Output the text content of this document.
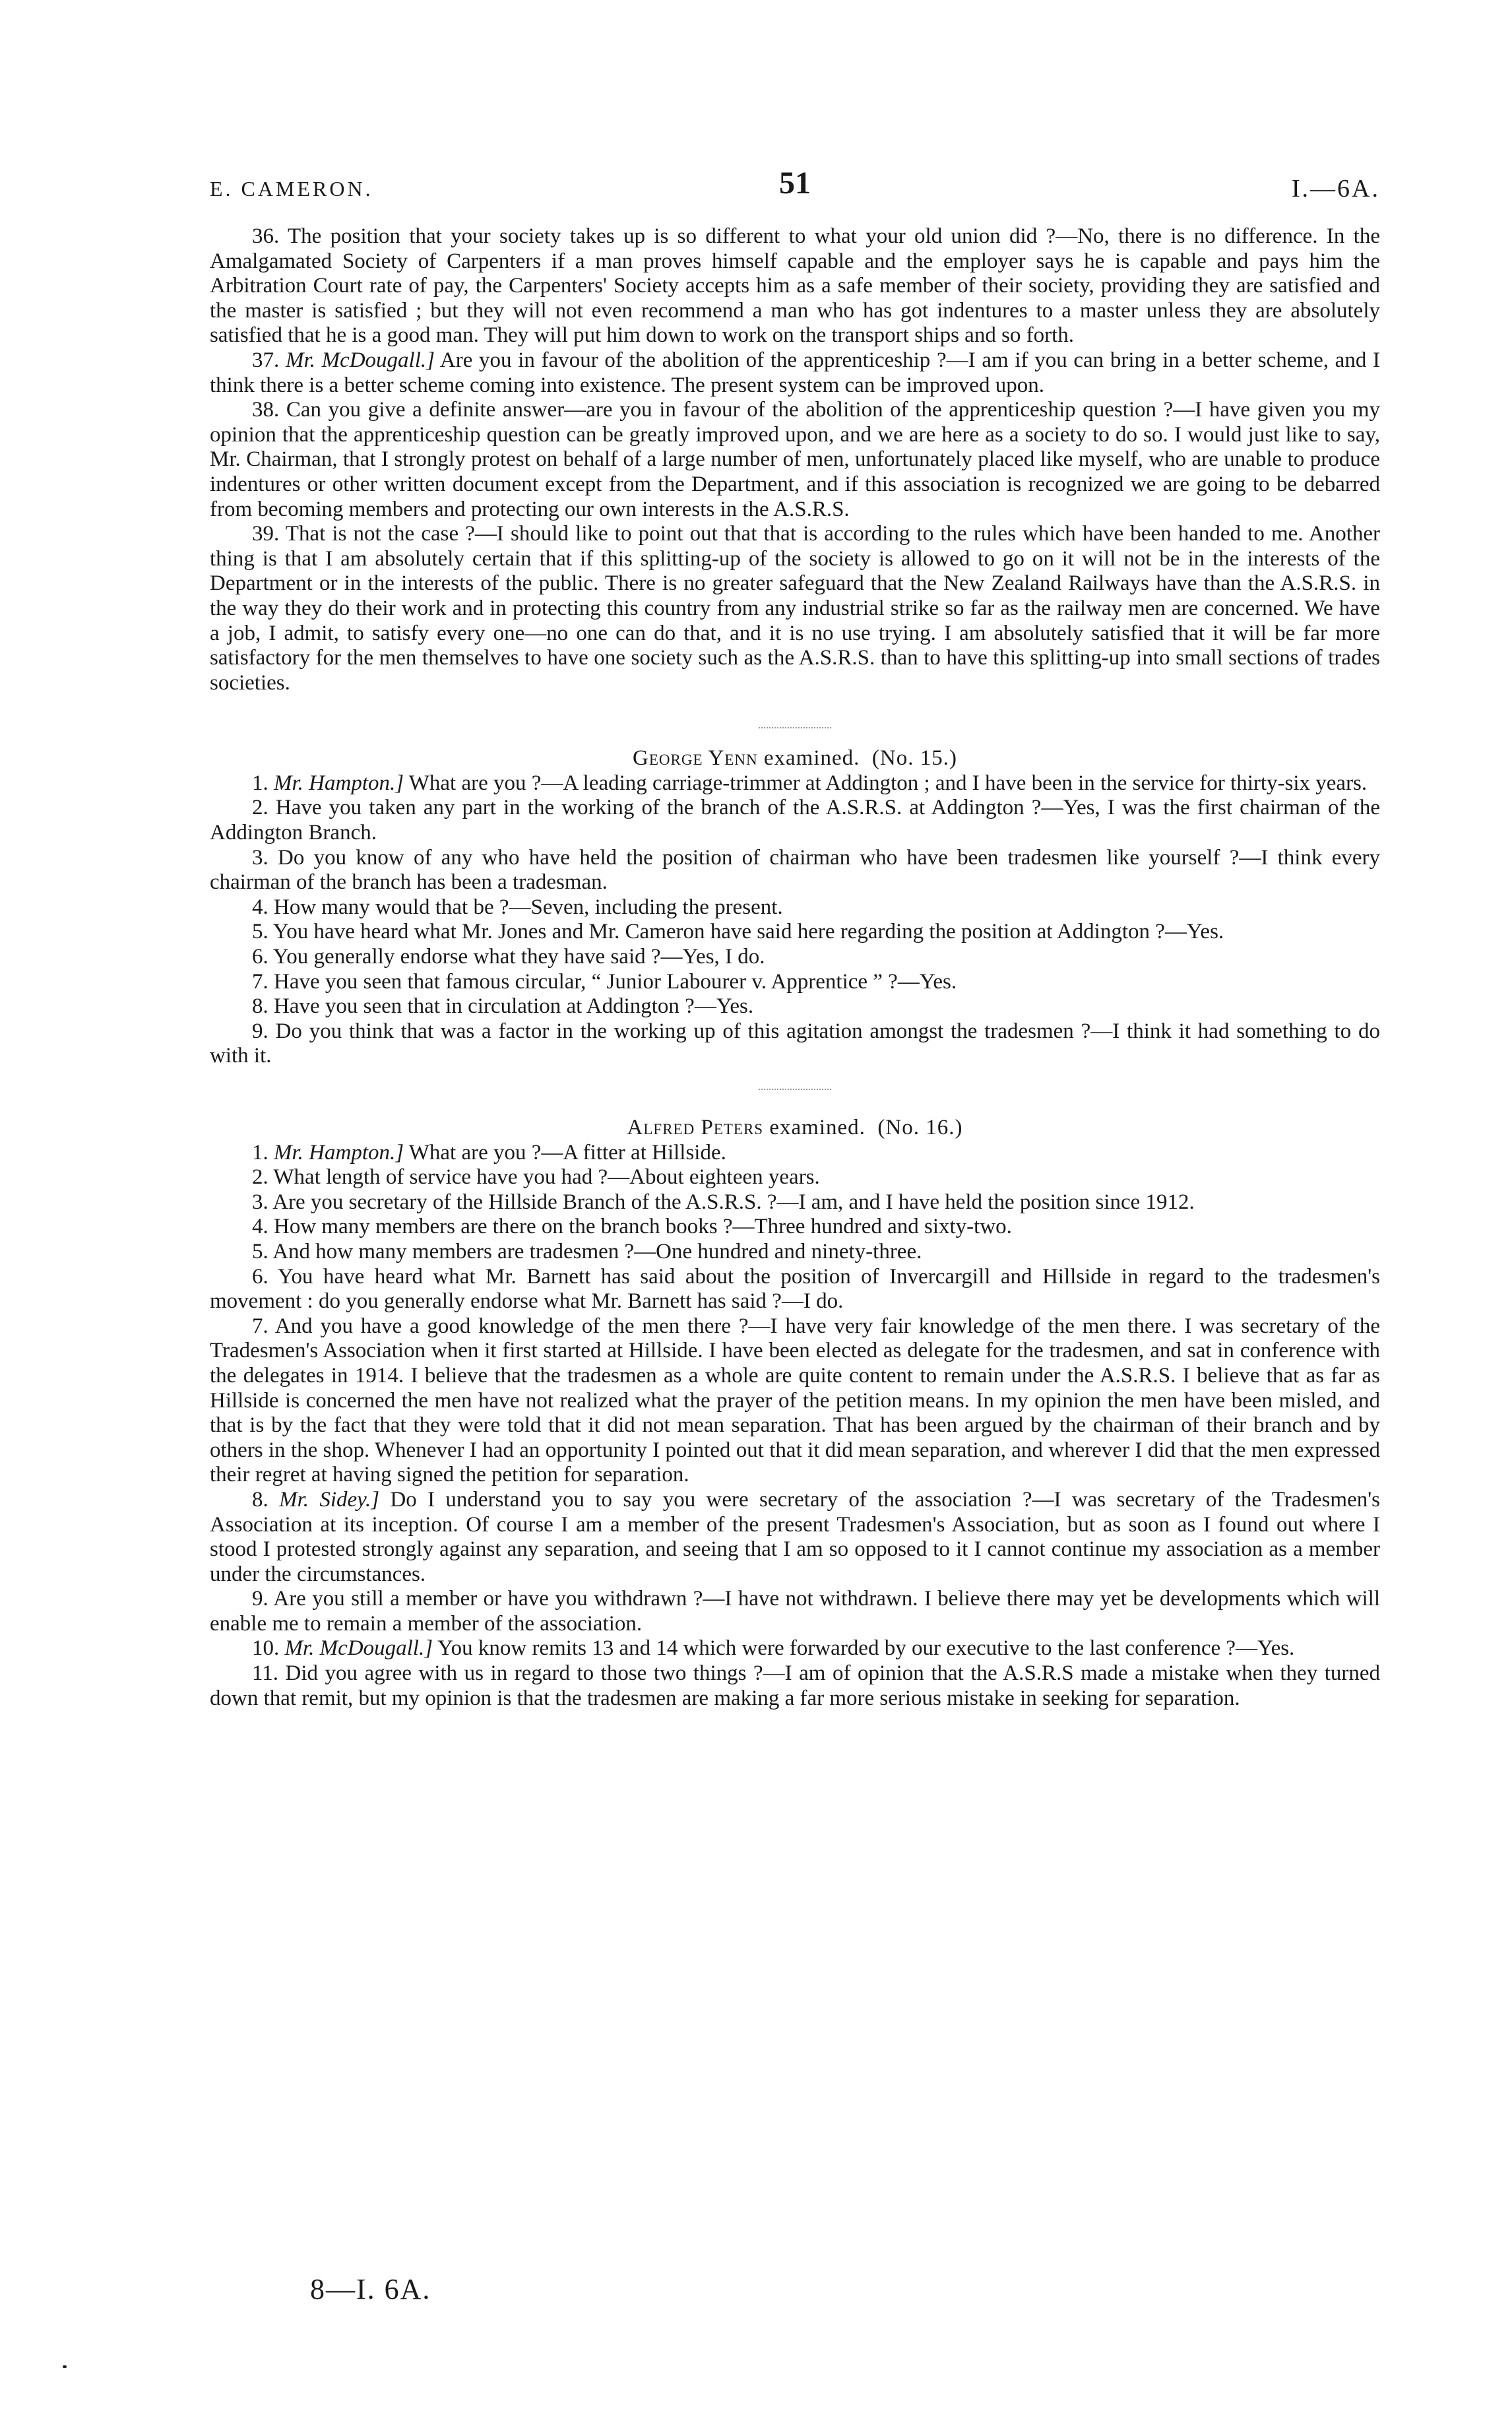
E. CAMERON.	51	I.—6A.

36. The position that your society takes up is so different to what your old union did ?—No, there is no difference. In the Amalgamated Society of Carpenters if a man proves himself capable and the employer says he is capable and pays him the Arbitration Court rate of pay, the Carpenters' Society accepts him as a safe member of their society, providing they are satisfied and the master is satisfied ; but they will not even recommend a man who has got indentures to a master unless they are absolutely satisfied that he is a good man. They will put him down to work on the transport ships and so forth.

37. Mr. McDougall.] Are you in favour of the abolition of the apprenticeship ?—I am if you can bring in a better scheme, and I think there is a better scheme coming into existence. The present system can be improved upon.

38. Can you give a definite answer—are you in favour of the abolition of the apprenticeship question ?—I have given you my opinion that the apprenticeship question can be greatly improved upon, and we are here as a society to do so. I would just like to say, Mr. Chairman, that I strongly protest on behalf of a large number of men, unfortunately placed like myself, who are unable to produce indentures or other written document except from the Department, and if this association is recognized we are going to be debarred from becoming members and protecting our own interests in the A.S.R.S.

39. That is not the case ?—I should like to point out that that is according to the rules which have been handed to me. Another thing is that I am absolutely certain that if this splitting-up of the society is allowed to go on it will not be in the interests of the Department or in the interests of the public. There is no greater safeguard that the New Zealand Railways have than the A.S.R.S. in the way they do their work and in protecting this country from any industrial strike so far as the railway men are concerned. We have a job, I admit, to satisfy every one—no one can do that, and it is no use trying. I am absolutely satisfied that it will be far more satisfactory for the men themselves to have one society such as the A.S.R.S. than to have this splitting-up into small sections of trades societies.

George Yenn examined. (No. 15.)

1. Mr. Hampton.] What are you ?—A leading carriage-trimmer at Addington ; and I have been in the service for thirty-six years.

2. Have you taken any part in the working of the branch of the A.S.R.S. at Addington ?—Yes, I was the first chairman of the Addington Branch.

3. Do you know of any who have held the position of chairman who have been tradesmen like yourself ?—I think every chairman of the branch has been a tradesman.

4. How many would that be ?—Seven, including the present.

5. You have heard what Mr. Jones and Mr. Cameron have said here regarding the position at Addington ?—Yes.

6. You generally endorse what they have said ?—Yes, I do.

7. Have you seen that famous circular, “ Junior Labourer v. Apprentice ” ?—Yes.

8. Have you seen that in circulation at Addington ?—Yes.

9. Do you think that was a factor in the working up of this agitation amongst the tradesmen ?—I think it had something to do with it.

Alfred Peters examined. (No. 16.)

1. Mr. Hampton.] What are you ?—A fitter at Hillside.

2. What length of service have you had ?—About eighteen years.

3. Are you secretary of the Hillside Branch of the A.S.R.S. ?—I am, and I have held the position since 1912.

4. How many members are there on the branch books ?—Three hundred and sixty-two.

5. And how many members are tradesmen ?—One hundred and ninety-three.

6. You have heard what Mr. Barnett has said about the position of Invercargill and Hillside in regard to the tradesmen's movement : do you generally endorse what Mr. Barnett has said ?—I do.

7. And you have a good knowledge of the men there ?—I have very fair knowledge of the men there. I was secretary of the Tradesmen's Association when it first started at Hillside. I have been elected as delegate for the tradesmen, and sat in conference with the delegates in 1914. I believe that the tradesmen as a whole are quite content to remain under the A.S.R.S. I believe that as far as Hillside is concerned the men have not realized what the prayer of the petition means. In my opinion the men have been misled, and that is by the fact that they were told that it did not mean separation. That has been argued by the chairman of their branch and by others in the shop. Whenever I had an opportunity I pointed out that it did mean separation, and wherever I did that the men expressed their regret at having signed the petition for separation.

8. Mr. Sidey.] Do I understand you to say you were secretary of the association ?—I was secretary of the Tradesmen's Association at its inception. Of course I am a member of the present Tradesmen's Association, but as soon as I found out where I stood I protested strongly against any separation, and seeing that I am so opposed to it I cannot continue my association as a member under the circumstances.

9. Are you still a member or have you withdrawn ?—I have not withdrawn. I believe there may yet be developments which will enable me to remain a member of the association.

10. Mr. McDougall.] You know remits 13 and 14 which were forwarded by our executive to the last conference ?—Yes.

11. Did you agree with us in regard to those two things ?—I am of opinion that the A.S.R.S made a mistake when they turned down that remit, but my opinion is that the tradesmen are making a far more serious mistake in seeking for separation.

8—I. 6A.
